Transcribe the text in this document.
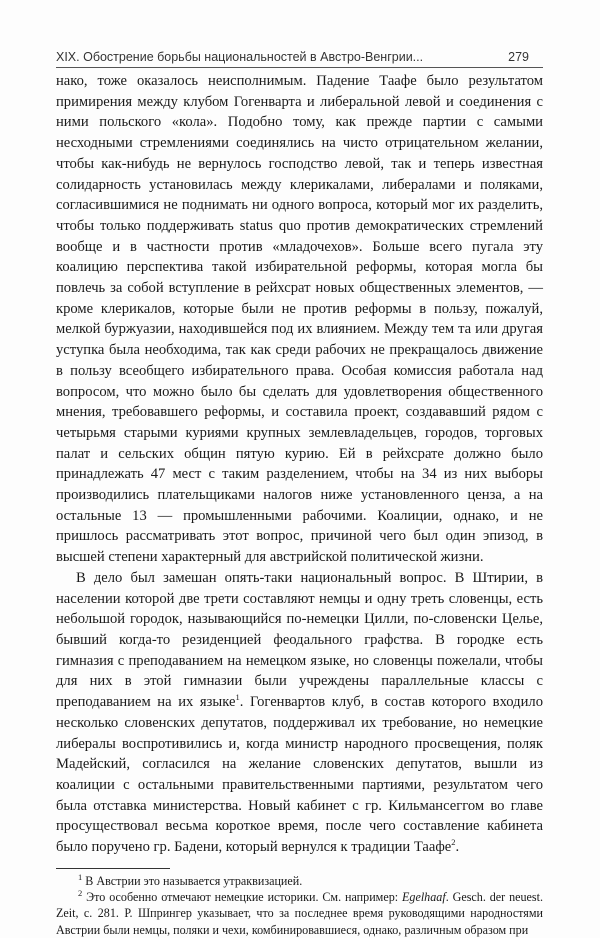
XIX. Обострение борьбы национальностей в Австро-Венгрии...	279

нако, тоже оказалось неисполнимым. Падение Таафе было результатом примирения между клубом Гогенварта и либеральной левой и соединения с ними польского «кола». Подобно тому, как прежде партии с самыми несходными стремлениями соединялись на чисто отрицательном желании, чтобы как-нибудь не вернулось господство левой, так и теперь известная солидарность установилась между клерикалами, либералами и поляками, согласившимися не поднимать ни одного вопроса, который мог их разделить, чтобы только поддерживать status quo против демократических стремлений вообще и в частности против «младочехов». Больше всего пугала эту коалицию перспектива такой избирательной реформы, которая могла бы повлечь за собой вступление в рейхсрат новых общественных элементов, — кроме клерикалов, которые были не против реформы в пользу, пожалуй, мелкой буржуазии, находившейся под их влиянием. Между тем та или другая уступка была необходима, так как среди рабочих не прекращалось движение в пользу всеобщего избирательного права. Особая комиссия работала над вопросом, что можно было бы сделать для удовлетворения общественного мнения, требовавшего реформы, и составила проект, создававший рядом с четырьмя старыми куриями крупных землевладельцев, городов, торговых палат и сельских общин пятую курию. Ей в рейхсрате должно было принадлежать 47 мест с таким разделением, чтобы на 34 из них выборы производились плательщиками налогов ниже установленного ценза, а на остальные 13 — промышленными рабочими. Коалиции, однако, и не пришлось рассматривать этот вопрос, причиной чего был один эпизод, в высшей степени характерный для австрийской политической жизни.

В дело был замешан опять-таки национальный вопрос. В Штирии, в населении которой две трети составляют немцы и одну треть словенцы, есть небольшой городок, называющийся по-немецки Цилли, по-словенски Целье, бывший когда-то резиденцией феодального графства. В городке есть гимназия с преподаванием на немецком языке, но словенцы пожелали, чтобы для них в этой гимназии были учреждены параллельные классы с преподаванием на их языке$^1$. Гогенвартов клуб, в состав которого входило несколько словенских депутатов, поддерживал их требование, но немецкие либералы воспротивились и, когда министр народного просвещения, поляк Мадейский, согласился на желание словенских депутатов, вышли из коалиции с остальными правительственными партиями, результатом чего была отставка министерства. Новый кабинет с гр. Кильмансеггом во главе просуществовал весьма короткое время, после чего составление кабинета было поручено гр. Бадени, который вернулся к традиции Таафе$^2$.

$^1$ В Австрии это называется утраквизацией.

$^2$ Это особенно отмечают немецкие историки. См. например: Egelhaaf. Gesch. der neuest. Zeit, с. 281. Р. Шпрингер указывает, что за последнее время руководящими народностями Австрии были немцы, поляки и чехи, комбинировавшиеся, однако, различным образом при
